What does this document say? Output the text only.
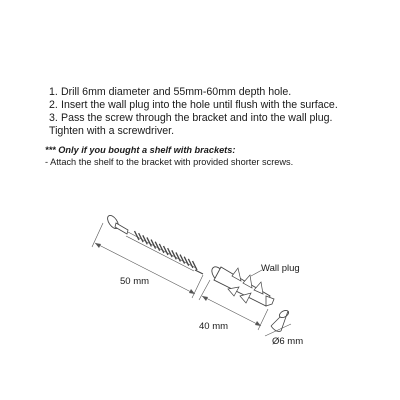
1. Drill 6mm diameter and 55mm-60mm depth hole.
2. Insert the wall plug into the hole until flush with the surface.
3. Pass the screw through the bracket and into the wall plug.
Tighten with a screwdriver.
*** Only if you bought a shelf with brackets:
- Attach the shelf to the bracket with provided shorter screws.
50 mm
Wall plug
40 mm
Ø6 mm
